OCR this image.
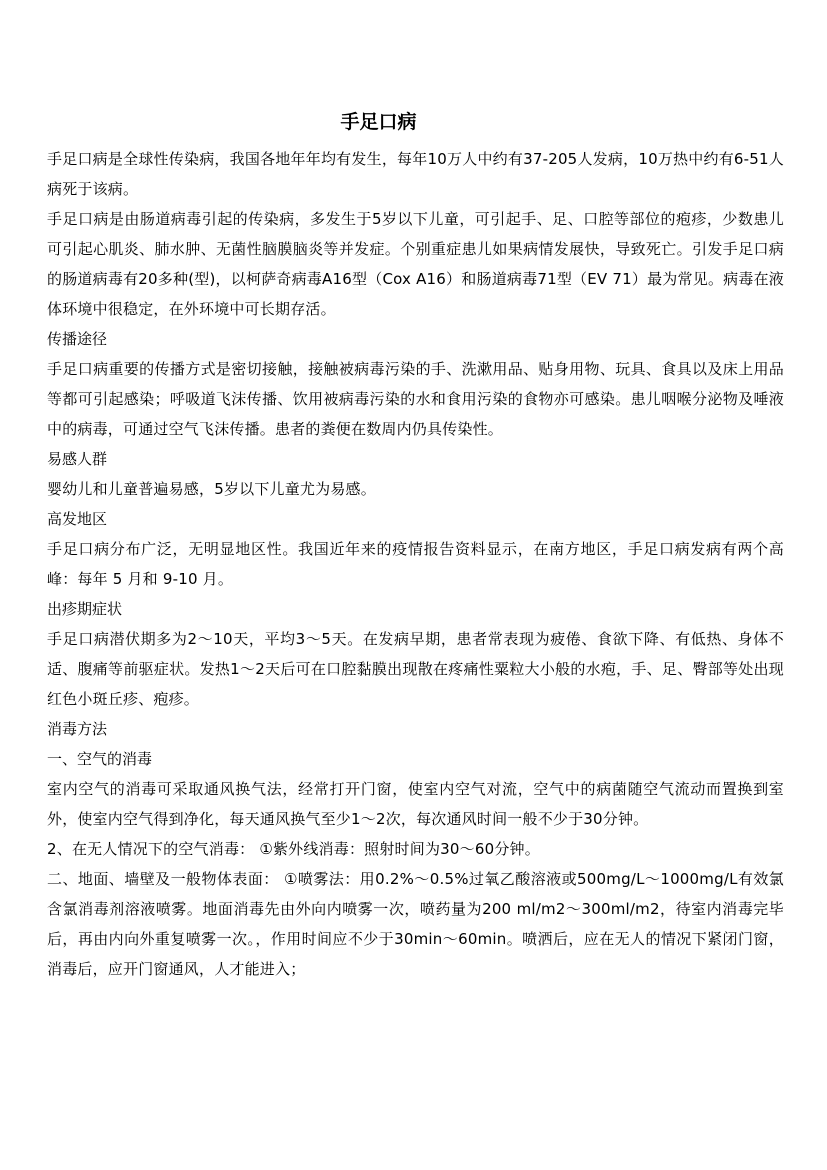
手足口病

手足口病是全球性传染病，我国各地年年均有发生，每年10万人中约有37-205人发病，10万热中约有6-51人病死于该病。

手足口病是由肠道病毒引起的传染病，多发生于5岁以下儿童，可引起手、足、口腔等部位的疱疹，少数患儿可引起心肌炎、肺水肿、无菌性脑膜脑炎等并发症。个别重症患儿如果病情发展快，导致死亡。引发手足口病的肠道病毒有20多种(型)，以柯萨奇病毒A16型（Cox A16）和肠道病毒71型（EV 71）最为常见。病毒在液体环境中很稳定，在外环境中可长期存活。

传播途径

手足口病重要的传播方式是密切接触，接触被病毒污染的手、洗漱用品、贴身用物、玩具、食具以及床上用品等都可引起感染；呼吸道飞沫传播、饮用被病毒污染的水和食用污染的食物亦可感染。患儿咽喉分泌物及唾液中的病毒，可通过空气飞沫传播。患者的粪便在数周内仍具传染性。

易感人群

婴幼儿和儿童普遍易感，5岁以下儿童尤为易感。

高发地区

手足口病分布广泛，无明显地区性。我国近年来的疫情报告资料显示，在南方地区，手足口病发病有两个高峰：每年 5 月和 9-10 月。

出疹期症状

手足口病潜伏期多为2～10天，平均3～5天。在发病早期，患者常表现为疲倦、食欲下降、有低热、身体不适、腹痛等前驱症状。发热1～2天后可在口腔黏膜出现散在疼痛性粟粒大小般的水疱，手、足、臀部等处出现红色小斑丘疹、疱疹。

消毒方法

一、空气的消毒

室内空气的消毒可采取通风换气法，经常打开门窗，使室内空气对流，空气中的病菌随空气流动而置换到室外，使室内空气得到净化，每天通风换气至少1～2次，每次通风时间一般不少于30分钟。

2、在无人情况下的空气消毒： ①紫外线消毒：照射时间为30～60分钟。

二、地面、墙壁及一般物体表面： ①喷雾法：用0.2%～0.5%过氧乙酸溶液或500mg/L～1000mg/L有效氯含氯消毒剂溶液喷雾。地面消毒先由外向内喷雾一次，喷药量为200 ml/m2～300ml/m2，待室内消毒完毕后，再由内向外重复喷雾一次。，作用时间应不少于30min～60min。喷洒后，应在无人的情况下紧闭门窗，消毒后，应开门窗通风，人才能进入；
